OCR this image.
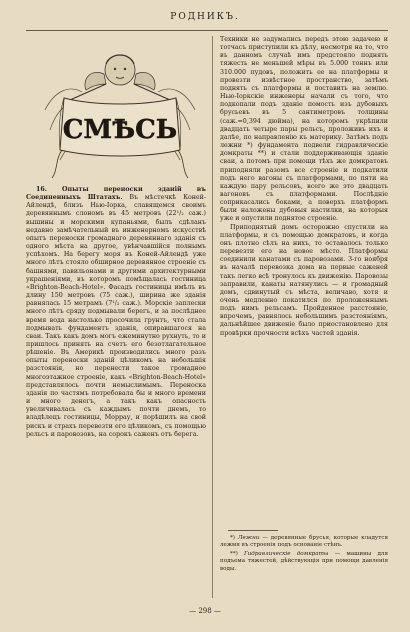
РОДНИКЪ.
СМѢСЬ

16. Опыты переноски зданій въ Соединенныхъ Штатахъ. Въ мѣстечкѣ Коней-Айлендѣ, близъ Нью-Іорка, славящемся своимъ деревяннымъ слономъ въ 45 метровъ (22¹/₂ саж.) вышины и морскими купаньями, былъ сдѣланъ недавно замѣчательный въ инженерномъ искусствѣ опытъ переноски громаднаго деревяннаго зданія съ одного мѣста на другое, увѣнчавшійся полнымъ успѣхомъ. На берегу моря въ Коней-Айлендѣ уже много лѣтъ стояло обширное деревянное строеніе съ башнями, павильонами и другими архитектурными украшеніями, въ которомъ помѣщалась гостиница «Brighton-Beach-Hotel». Фасадъ гостиницы имѣлъ въ длину 150 метровъ (75 саж.), ширина же зданія равнялась 15 метрамъ (7¹/₂ саж.). Морскіе заплески много лѣтъ сряду подмывали берегъ, и за послѣднее время вода настолько просочила грунтъ, что стала подмывать фундаментъ зданія, опиравшагося на сваи. Такъ какъ домъ могъ ежеминутно рухнуть, то и пришлось принять на счетъ его безотлагательное рѣшеніе. Въ Америкѣ производились много разъ опыты переноски зданій цѣликомъ на небольшія разстоянія, но перенести такое громадное многоэтажное строеніе, какъ «Brighton-Beach-Hotel» представлялось почти немыслимымъ. Переноска зданія по частямъ потребовала бы и много времени и много денегъ, а такъ какъ опасность увеличивалась съ каждымъ почти днемъ, то владѣлецъ гостиницы, Моррау, и порѣшилъ на свой рискъ и страхъ перевезти его цѣликомъ, съ помощью рельсъ и паровозовъ, на сорокъ саженъ отъ берега.

Техники не задумались передъ этою задачею и тотчасъ приступили къ дѣлу, несмотря на то, что въ данномъ случаѣ имъ предстояло поднять тяжесть не меньшей мѣры въ 5.000 тоннъ или 310.000 пудовъ, положить ее на платформы и провезти извѣстное пространство, затѣмъ поднять съ платформы и поставить на землю. Нью-Іоркскіе инженеры начали съ того, что подкопали подъ зданіе помость изъ дубовыхъ брусьевъ въ 5 сантиметровъ толщины (саж.=0,394 дюйма), на которомъ укрѣпили двадцать четыре пары рельсъ, проложивъ ихъ и далѣе, по направленію къ материку. Затѣмъ подъ лежни *) фундамента подвели гидравлическіе домкраты **) и стали поддерживающія зданіе сваи, а потомъ при помощи тѣхъ же домкратовъ приподняли разомъ все строеніе и подкатили подъ него вагоны съ платформами, по пяти на каждую пару рельсовъ, всего же это двадцать вагоновъ съ платформами. Послѣдніе соприкасались боками, а поверхъ платформъ были наложены дубовыя настилки, на которыя уже и опустили поднятое строеніе.

Приподнятый домъ осторожно спустили на платформы, и съ помощью домкратовъ, и когда онъ плотно сѣлъ на нихъ, то оставалось только перевезти его на новое мѣсто. Платформы соединили канатами съ паровозами. 3-го ноября въ началѣ перевозка дома на первые саженей такъ легко всѣ тронулось къ движенію. Паровозы заправили, канаты натянулись — и громадный домъ, сдвинутый съ мѣста, величаво, хотя и очень медленно покатился по проложеннымъ подъ нимъ рельсамъ. Пройденное расстояніе, впрочемъ, равнялось небольшимъ разстояніямъ, дальнѣйшее движеніе было приостановлено для провѣрки прочности всѣхъ частей зданія.

*) Лежни — деревянные брусья, которые кладутся лежмя въ строенія подъ основаніе стѣнъ.

**) Гидравлическіе домкраты — машины для подъема тяжестей, дѣйствующія при помощи давленія воды.

— 298 —
